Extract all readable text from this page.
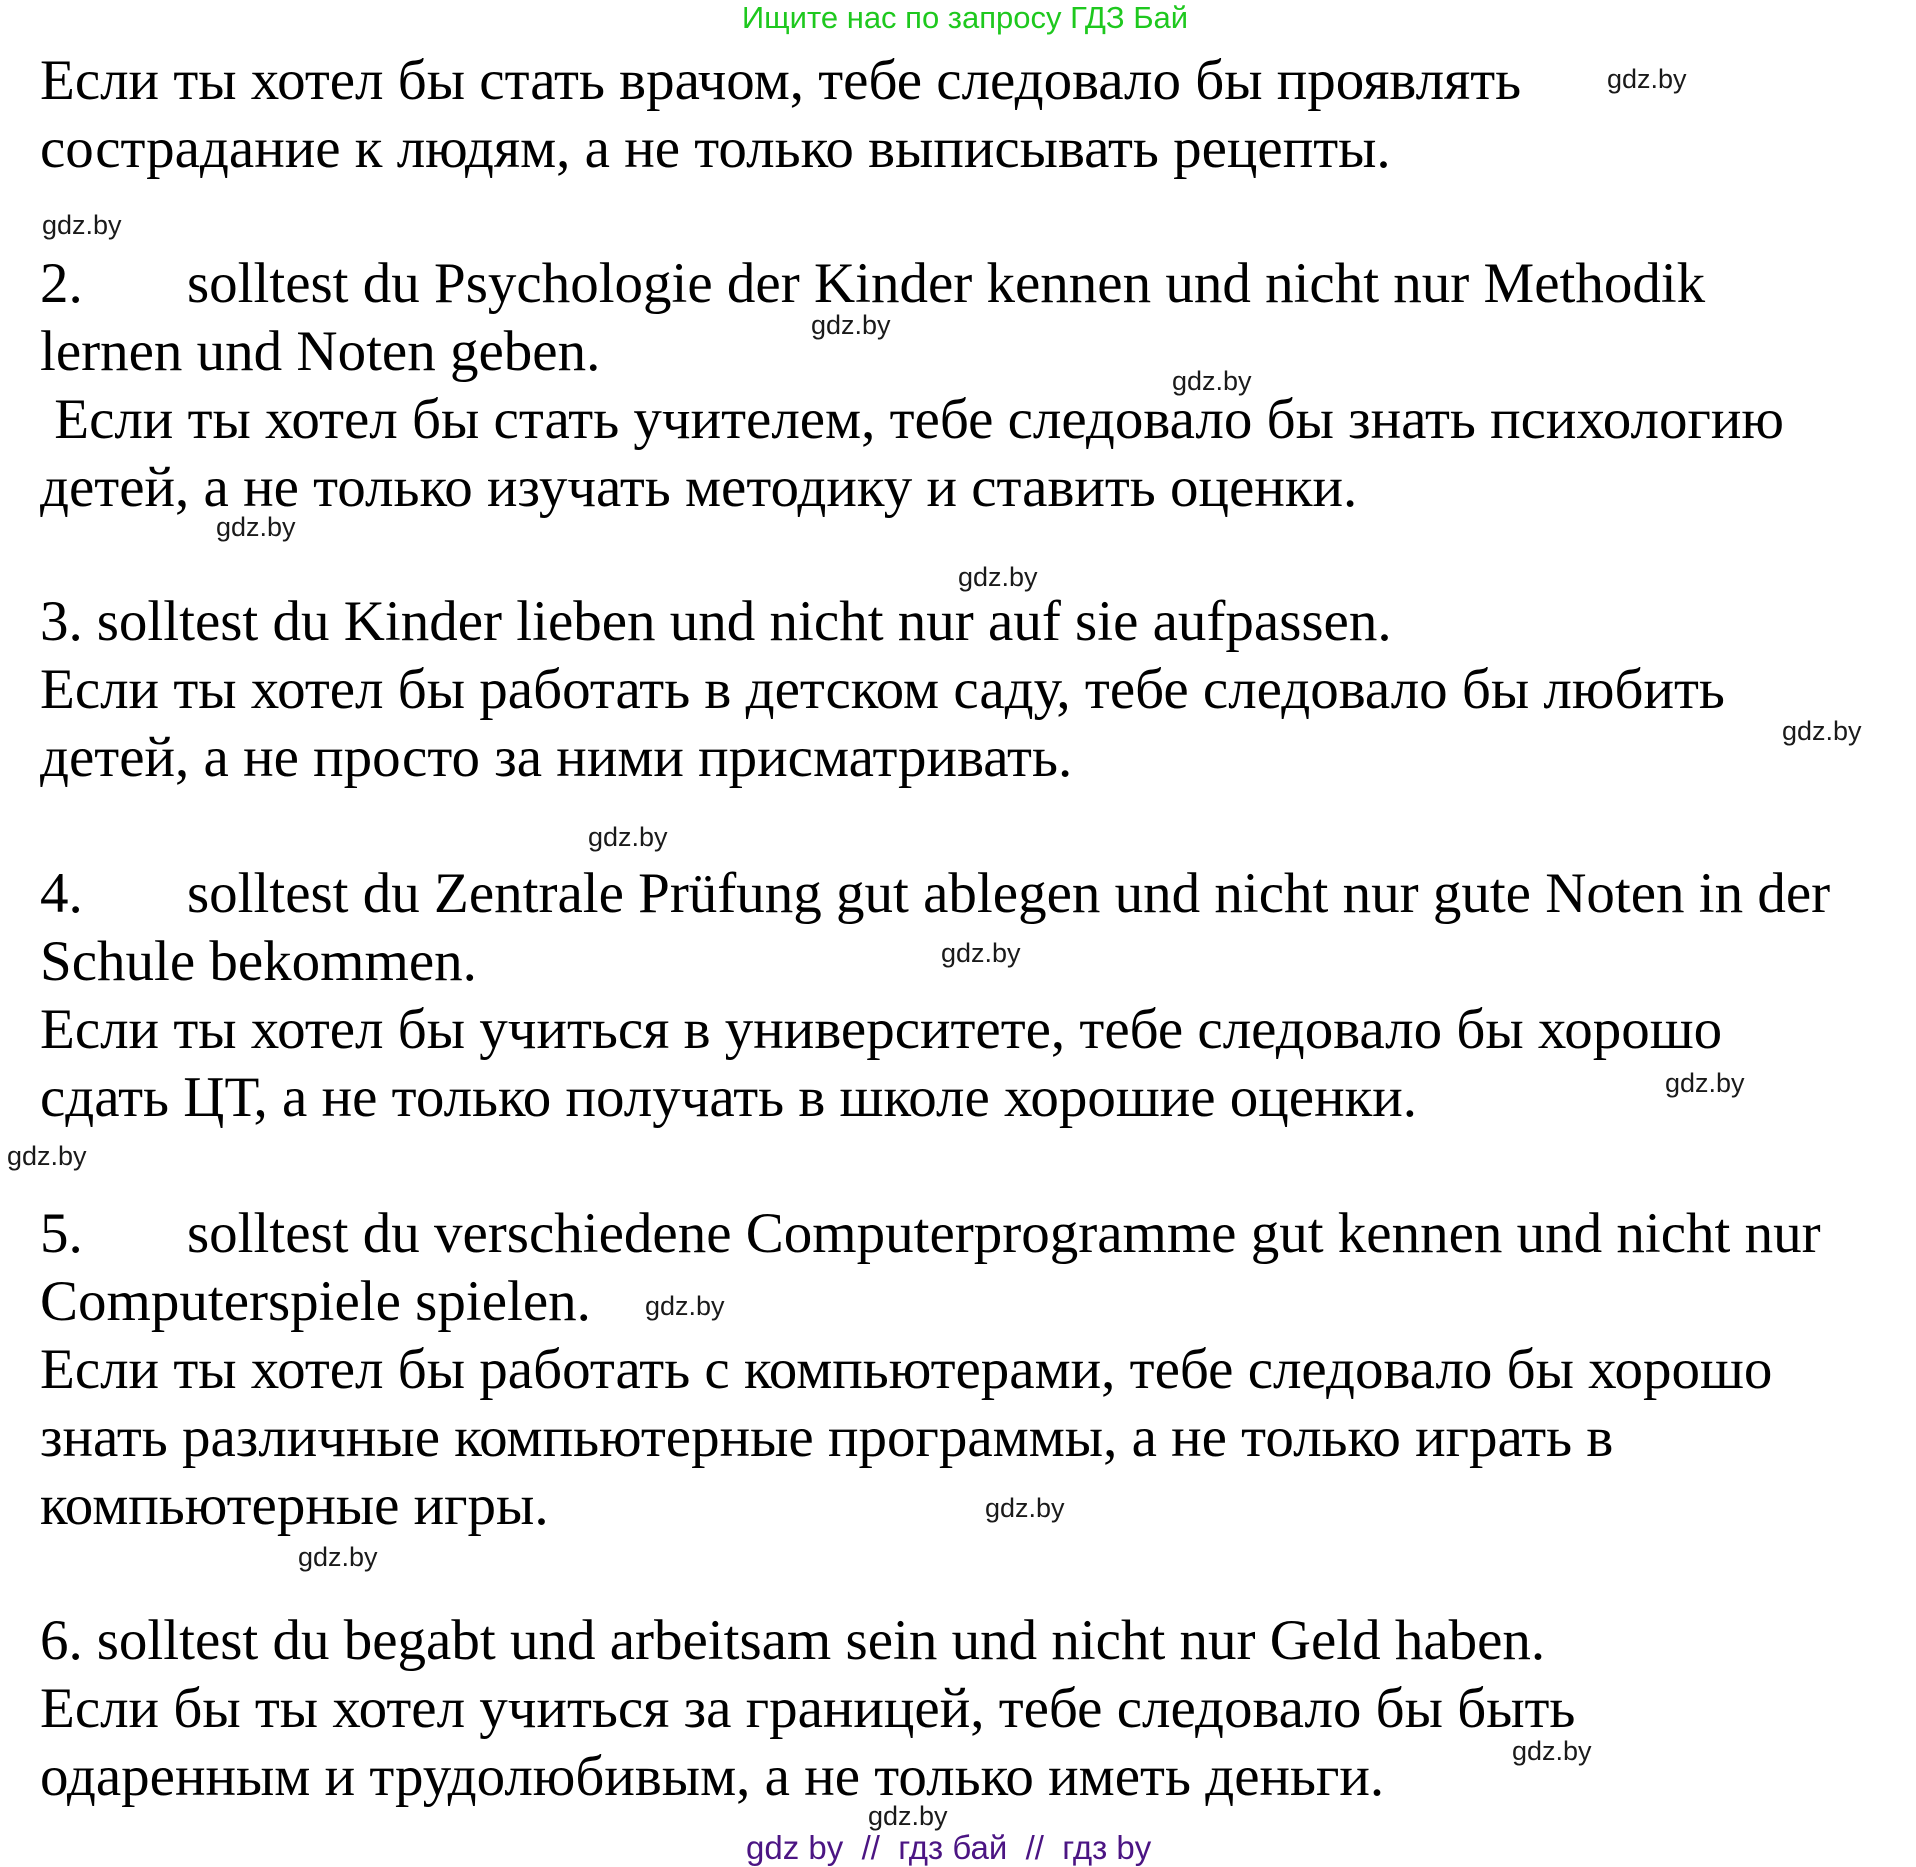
Ищите нас по запросу ГДЗ Бай
Если ты хотел бы стать врачом, тебе следовало бы проявлять
сострадание к людям, а не только выписывать рецепты.
2. solltest du Psychologie der Kinder kennen und nicht nur Methodik
lernen und Noten geben.
Если ты хотел бы стать учителем, тебе следовало бы знать психологию
детей, а не только изучать методику и ставить оценки.
3. solltest du Kinder lieben und nicht nur auf sie aufpassen.
Если ты хотел бы работать в детском саду, тебе следовало бы любить
детей, а не просто за ними присматривать.
4. solltest du Zentrale Prüfung gut ablegen und nicht nur gute Noten in der
Schule bekommen.
Если ты хотел бы учиться в университете, тебе следовало бы хорошо
сдать ЦТ, а не только получать в школе хорошие оценки.
5. solltest du verschiedene Computerprogramme gut kennen und nicht nur
Computerspiele spielen.
Если ты хотел бы работать с компьютерами, тебе следовало бы хорошо
знать различные компьютерные программы, а не только играть в
компьютерные игры.
6. solltest du begabt und arbeitsam sein und nicht nur Geld haben.
Если бы ты хотел учиться за границей, тебе следовало бы быть
одаренным и трудолюбивым, а не только иметь деньги.
gdz.by
gdz.by
gdz.by
gdz.by
gdz.by
gdz.by
gdz.by
gdz.by
gdz.by
gdz.by
gdz.by
gdz.by
gdz.by
gdz.by
gdz.by
gdz.by
gdz by  //  гдз бай  //  гдз by
